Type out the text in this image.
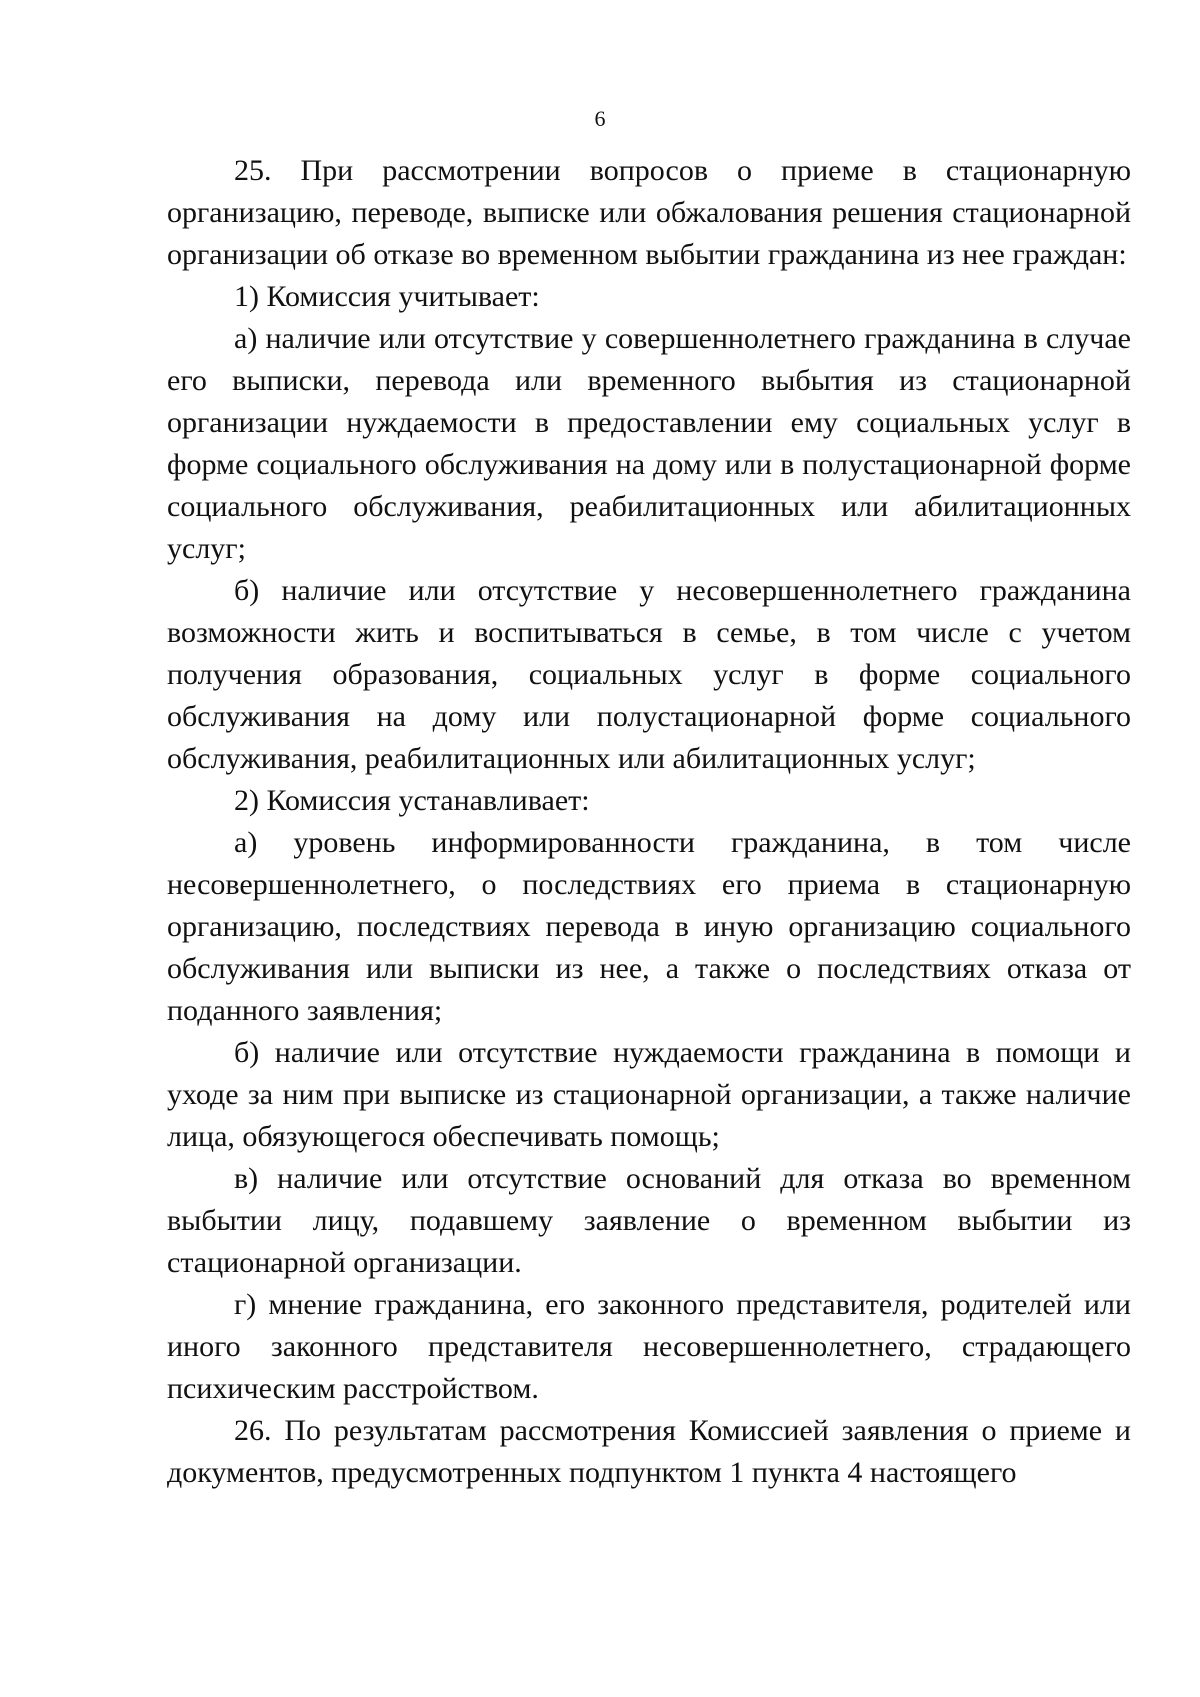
6

25. При рассмотрении вопросов о приеме в стационарную организацию, переводе, выписке или обжалования решения стационарной организации об отказе во временном выбытии гражданина из нее граждан:

1) Комиссия учитывает:

а) наличие или отсутствие у совершеннолетнего гражданина в случае его выписки, перевода или временного выбытия из стационарной организации нуждаемости в предоставлении ему социальных услуг в форме социального обслуживания на дому или в полустационарной форме социального обслуживания, реабилитационных или абилитационных услуг;

б) наличие или отсутствие у несовершеннолетнего гражданина возможности жить и воспитываться в семье, в том числе с учетом получения образования, социальных услуг в форме социального обслуживания на дому или полустационарной форме социального обслуживания, реабилитационных или абилитационных услуг;

2) Комиссия устанавливает:

а) уровень информированности гражданина, в том числе несовершеннолетнего, о последствиях его приема в стационарную организацию, последствиях перевода в иную организацию социального обслуживания или выписки из нее, а также о последствиях отказа от поданного заявления;

б) наличие или отсутствие нуждаемости гражданина в помощи и уходе за ним при выписке из стационарной организации, а также наличие лица, обязующегося обеспечивать помощь;

в) наличие или отсутствие оснований для отказа во временном выбытии лицу, подавшему заявление о временном выбытии из стационарной организации.

г) мнение гражданина, его законного представителя, родителей или иного законного представителя несовершеннолетнего, страдающего психическим расстройством.

26. По результатам рассмотрения Комиссией заявления о приеме и документов, предусмотренных подпунктом 1 пункта 4 настоящего
